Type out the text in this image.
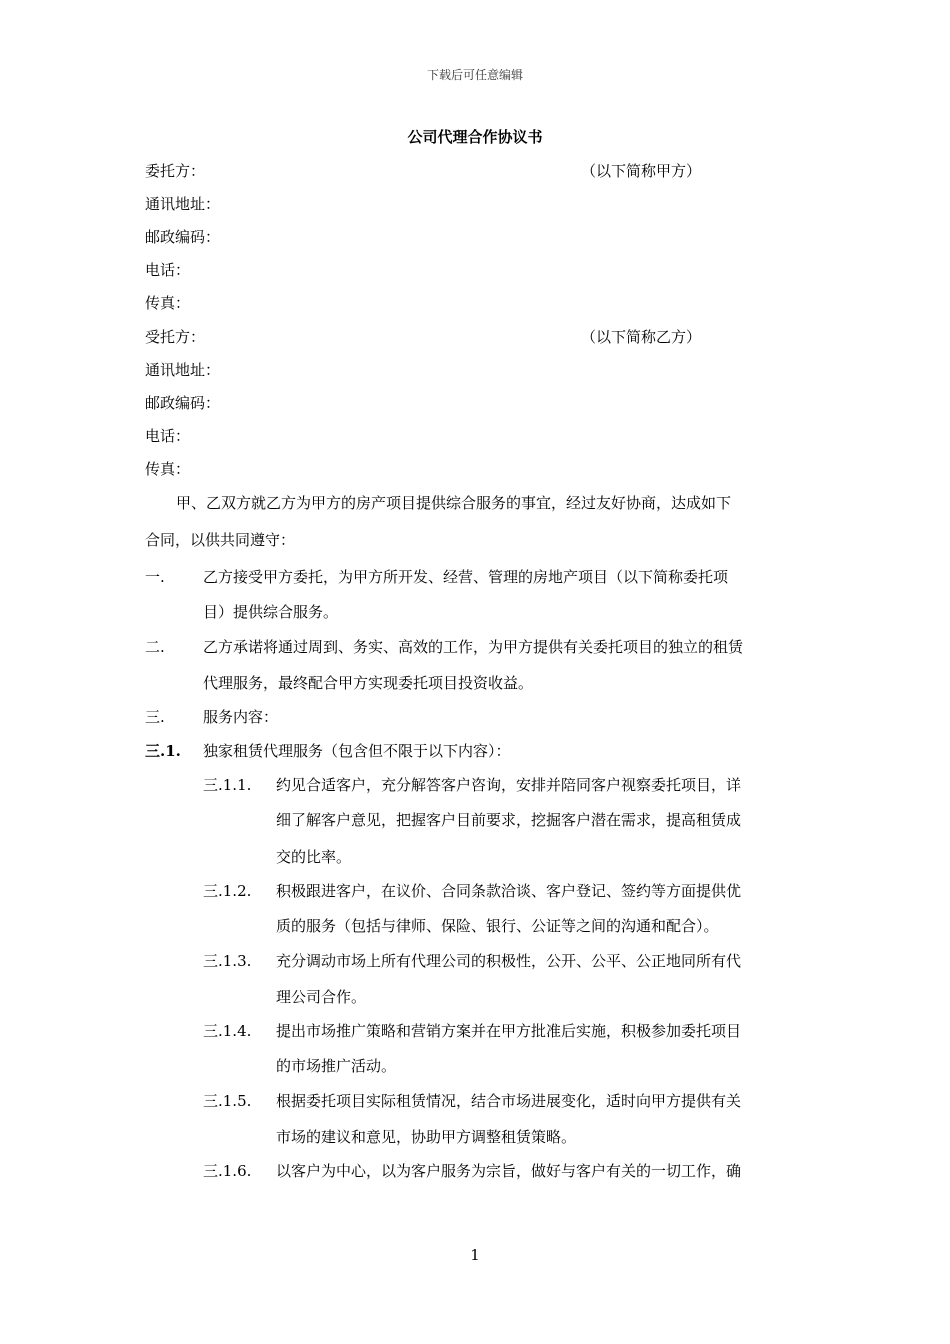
下载后可任意编辑
公司代理合作协议书
委托方：	（以下简称甲方）
通讯地址：
邮政编码：
电话：
传真：
受托方：	（以下简称乙方）
通讯地址：
邮政编码：
电话：
传真：
甲、乙双方就乙方为甲方的房产项目提供综合服务的事宜，经过友好协商，达成如下
合同，以供共同遵守：
一.	乙方接受甲方委托，为甲方所开发、经营、管理的房地产项目（以下简称委托项
目）提供综合服务。
二.	乙方承诺将通过周到、务实、高效的工作，为甲方提供有关委托项目的独立的租赁
代理服务，最终配合甲方实现委托项目投资收益。
三.	服务内容：
三.1. 独家租赁代理服务（包含但不限于以下内容）：
三.1.1. 约见合适客户，充分解答客户咨询，安排并陪同客户视察委托项目，详
细了解客户意见，把握客户目前要求，挖掘客户潜在需求，提高租赁成
交的比率。
三.1.2. 积极跟进客户，在议价、合同条款洽谈、客户登记、签约等方面提供优
质的服务（包括与律师、保险、银行、公证等之间的沟通和配合）。
三.1.3. 充分调动市场上所有代理公司的积极性，公开、公平、公正地同所有代
理公司合作。
三.1.4. 提出市场推广策略和营销方案并在甲方批准后实施，积极参加委托项目
的市场推广活动。
三.1.5. 根据委托项目实际租赁情况，结合市场进展变化，适时向甲方提供有关
市场的建议和意见，协助甲方调整租赁策略。
三.1.6. 以客户为中心，以为客户服务为宗旨，做好与客户有关的一切工作，确
1
